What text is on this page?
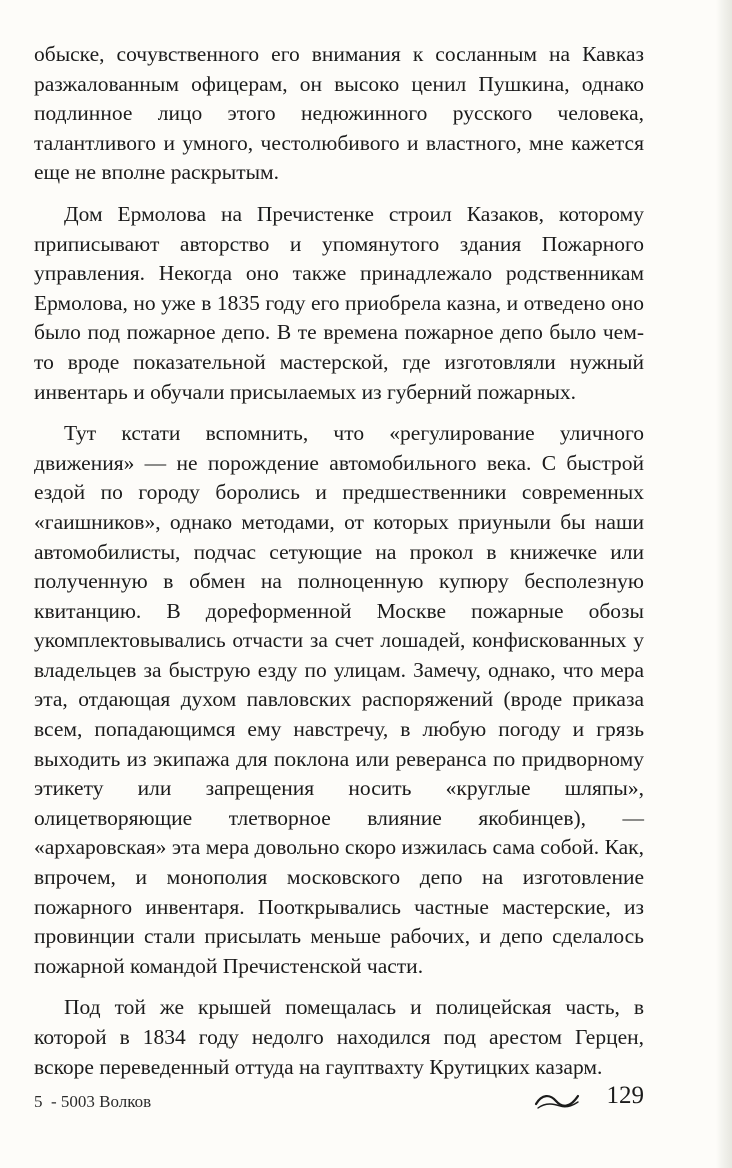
обыске, сочувственного его внимания к сосланным на Кавказ разжалованным офицерам, он высоко ценил Пушкина, однако подлинное лицо этого недюжинного русского человека, талантливого и умного, честолюбивого и властного, мне кажется еще не вполне раскрытым.

Дом Ермолова на Пречистенке строил Казаков, которому приписывают авторство и упомянутого здания Пожарного управления. Некогда оно также принадлежало родственникам Ермолова, но уже в 1835 году его приобрела казна, и отведено оно было под пожарное депо. В те времена пожарное депо было чем-то вроде показательной мастерской, где изготовляли нужный инвентарь и обучали присылаемых из губерний пожарных.

Тут кстати вспомнить, что «регулирование уличного движения» — не порождение автомобильного века. С быстрой ездой по городу боролись и предшественники современных «гаишников», однако методами, от которых приуныли бы наши автомобилисты, подчас сетующие на прокол в книжечке или полученную в обмен на полноценную купюру бесполезную квитанцию. В дореформенной Москве пожарные обозы укомплектовывались отчасти за счет лошадей, конфискованных у владельцев за быструю езду по улицам. Замечу, однако, что мера эта, отдающая духом павловских распоряжений (вроде приказа всем, попадающимся ему навстречу, в любую погоду и грязь выходить из экипажа для поклона или реверанса по придворному этикету или запрещения носить «круглые шляпы», олицетворяющие тлетворное влияние якобинцев), — «архаровская» эта мера довольно скоро изжилась сама собой. Как, впрочем, и монополия московского депо на изготовление пожарного инвентаря. Пооткрывались частные мастерские, из провинции стали присылать меньше рабочих, и депо сделалось пожарной командой Пречистенской части.

Под той же крышей помещалась и полицейская часть, в которой в 1834 году недолго находился под арестом Герцен, вскоре переведенный оттуда на гауптвахту Крутицких казарм.

5  - 5003 Волков	129
